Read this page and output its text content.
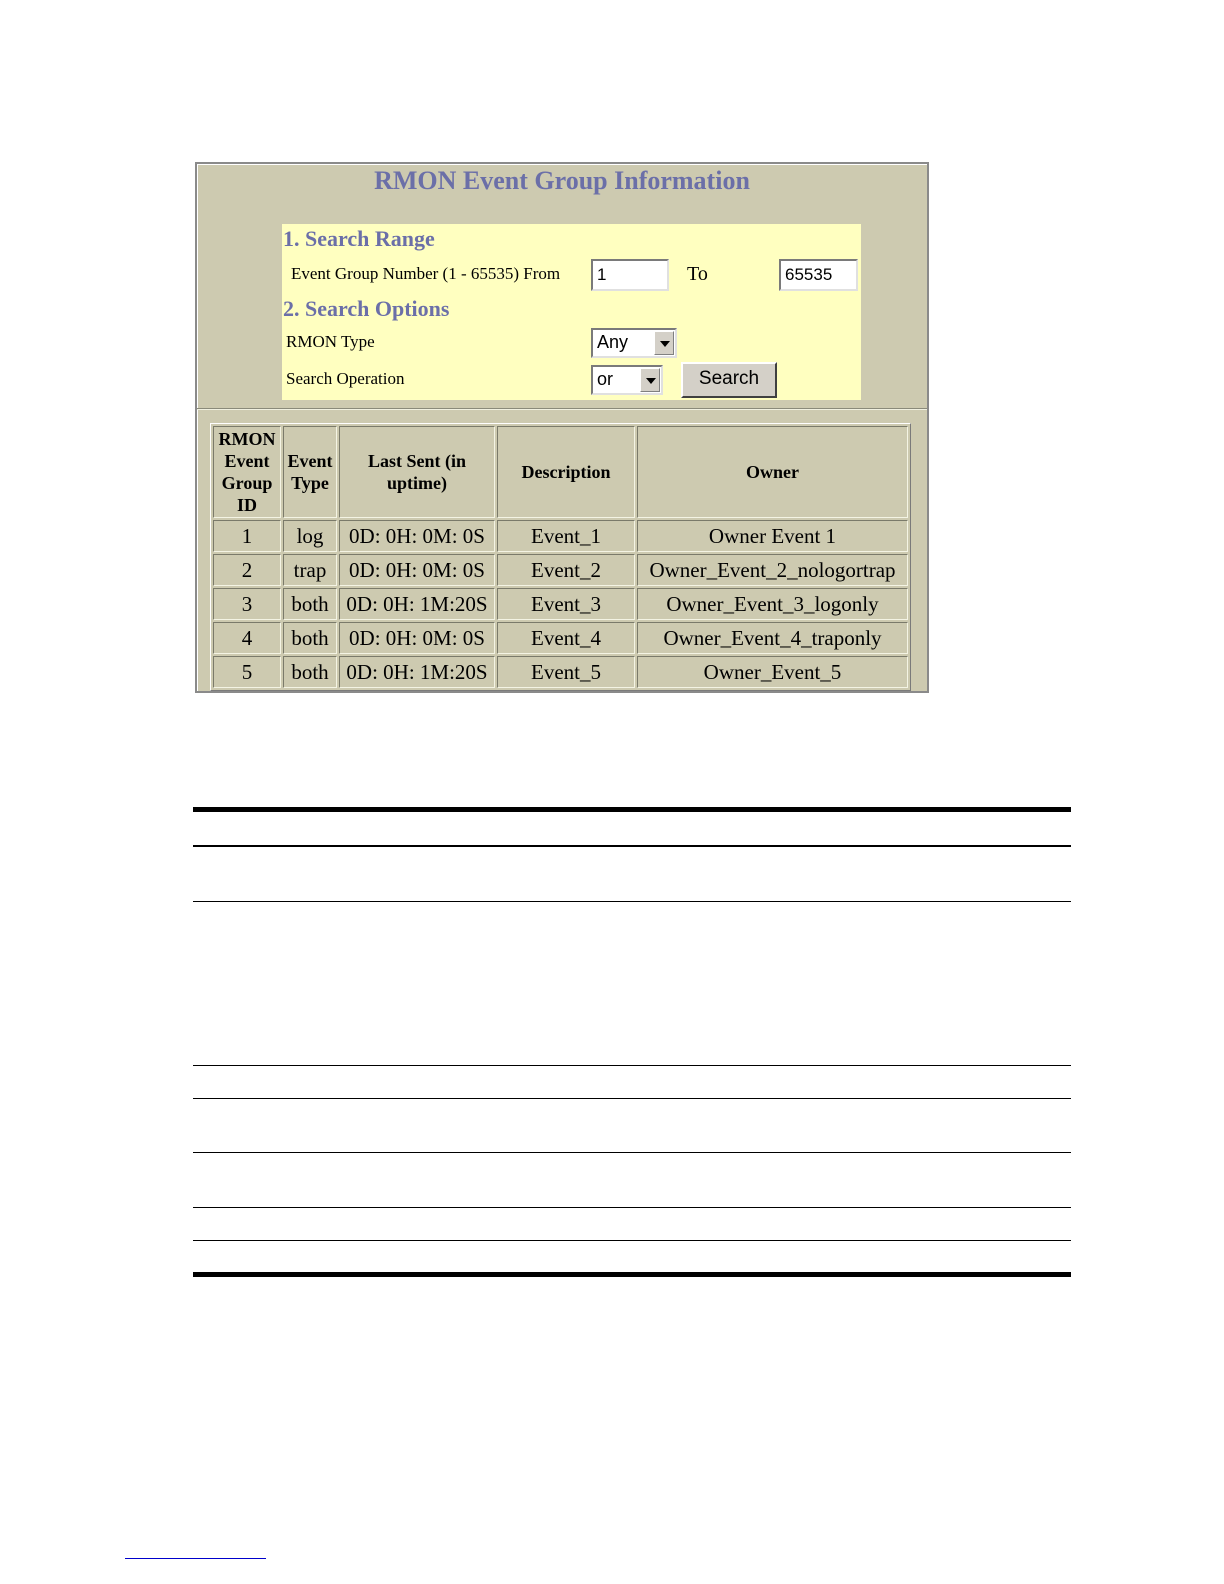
RMON Event Group Information
1. Search Range
Event Group Number (1 - 65535) From	1	To	65535
2. Search Options
RMON Type	Any
Search Operation	or	Search
RMON Event Group ID	Event Type	Last Sent (in uptime)	Description	Owner
1	log	0D: 0H: 0M: 0S	Event_1	Owner Event 1
2	trap	0D: 0H: 0M: 0S	Event_2	Owner_Event_2_nologortrap
3	both	0D: 0H: 1M:20S	Event_3	Owner_Event_3_logonly
4	both	0D: 0H: 0M: 0S	Event_4	Owner_Event_4_traponly
5	both	0D: 0H: 1M:20S	Event_5	Owner_Event_5
